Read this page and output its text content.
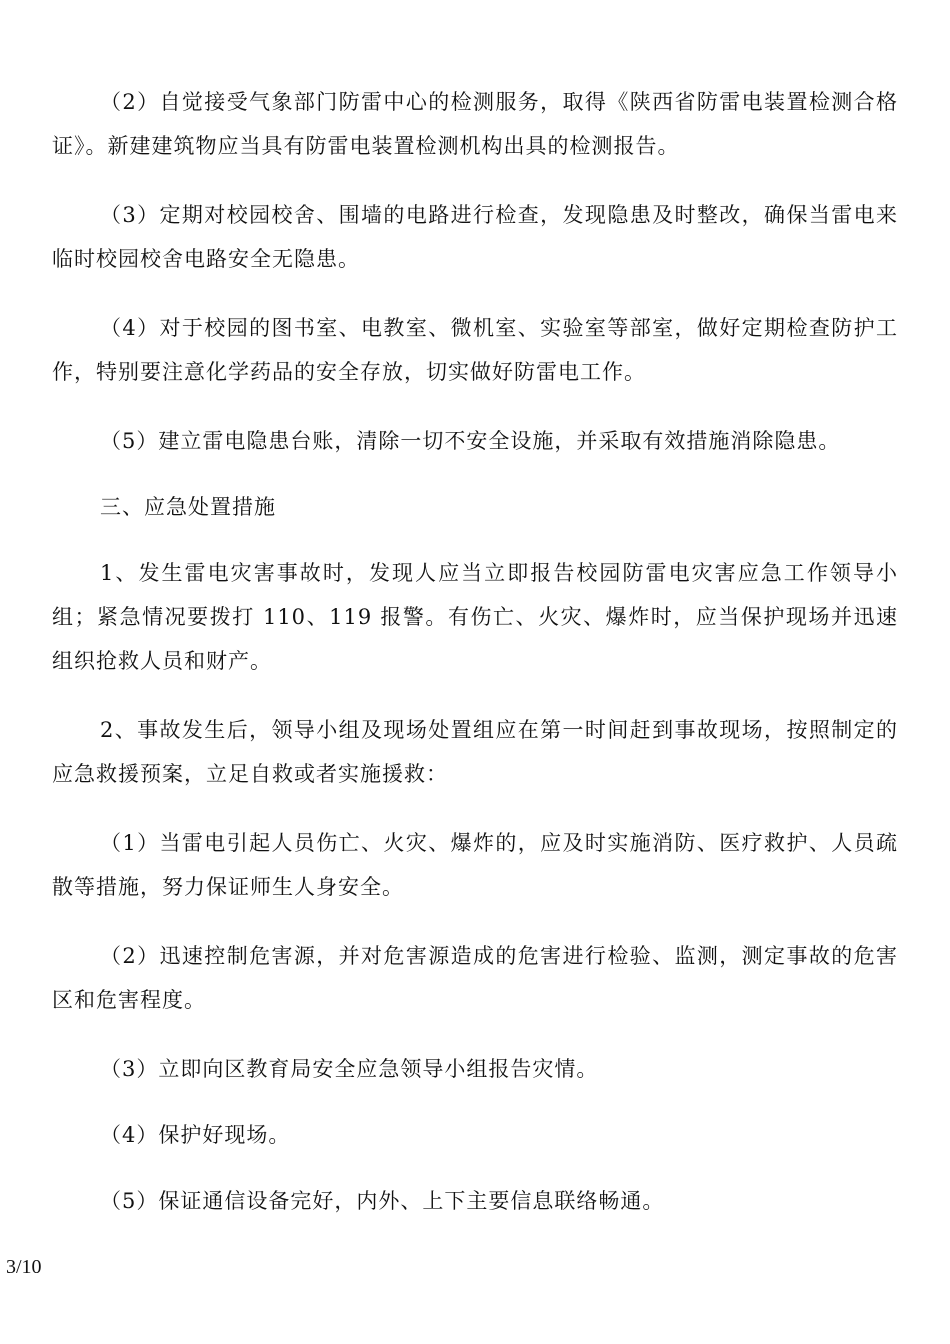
（2）自觉接受气象部门防雷中心的检测服务，取得《陕西省防雷电装置检测合格证》。新建建筑物应当具有防雷电装置检测机构出具的检测报告。

（3）定期对校园校舍、围墙的电路进行检查，发现隐患及时整改，确保当雷电来临时校园校舍电路安全无隐患。

（4）对于校园的图书室、电教室、微机室、实验室等部室，做好定期检查防护工作，特别要注意化学药品的安全存放，切实做好防雷电工作。

（5）建立雷电隐患台账，清除一切不安全设施，并采取有效措施消除隐患。

三、应急处置措施

1、发生雷电灾害事故时，发现人应当立即报告校园防雷电灾害应急工作领导小组；紧急情况要拨打 110、119 报警。有伤亡、火灾、爆炸时，应当保护现场并迅速组织抢救人员和财产。

2、事故发生后，领导小组及现场处置组应在第一时间赶到事故现场，按照制定的应急救援预案，立足自救或者实施援救：

（1）当雷电引起人员伤亡、火灾、爆炸的，应及时实施消防、医疗救护、人员疏散等措施，努力保证师生人身安全。

（2）迅速控制危害源，并对危害源造成的危害进行检验、监测，测定事故的危害区和危害程度。

（3）立即向区教育局安全应急领导小组报告灾情。

（4）保护好现场。

（5）保证通信设备完好，内外、上下主要信息联络畅通。

3/10
